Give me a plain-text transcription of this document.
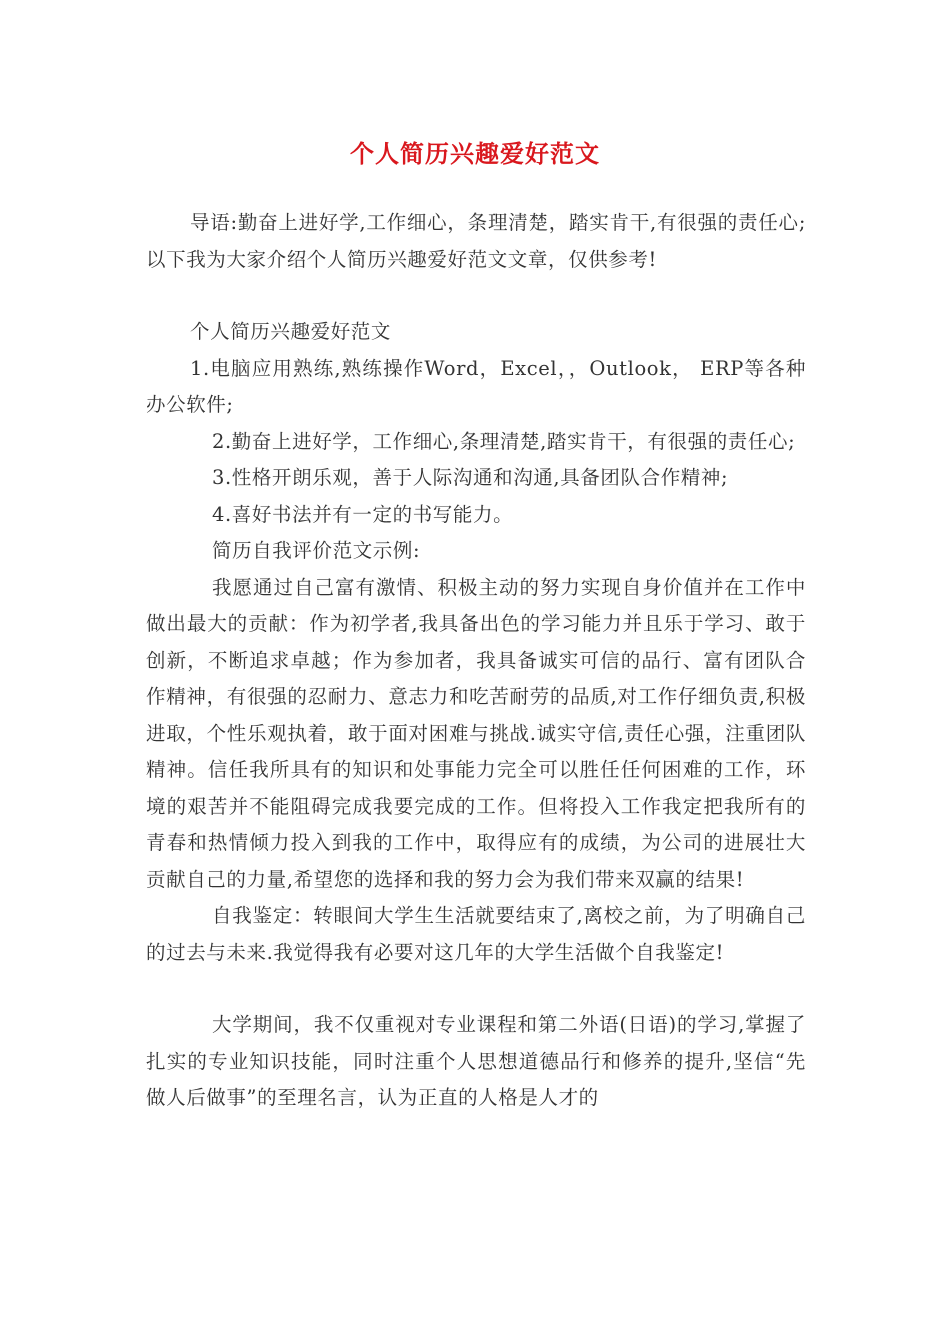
个人简历兴趣爱好范文

导语:勤奋上进好学,工作细心，条理清楚，踏实肯干,有很强的责任心;以下我为大家介绍个人简历兴趣爱好范文文章，仅供参考!

个人简历兴趣爱好范文

1.电脑应用熟练,熟练操作Word，Excel，，Outlook， ERP等各种办公软件;

2.勤奋上进好学，工作细心,条理清楚,踏实肯干，有很强的责任心;

3.性格开朗乐观，善于人际沟通和沟通,具备团队合作精神;

4.喜好书法并有一定的书写能力。

简历自我评价范文示例:

我愿通过自己富有激情、积极主动的努力实现自身价值并在工作中做出最大的贡献：作为初学者,我具备出色的学习能力并且乐于学习、敢于创新，不断追求卓越；作为参加者，我具备诚实可信的品行、富有团队合作精神，有很强的忍耐力、意志力和吃苦耐劳的品质,对工作仔细负责,积极进取，个性乐观执着，敢于面对困难与挑战.诚实守信,责任心强，注重团队精神。信任我所具有的知识和处事能力完全可以胜任任何困难的工作，环境的艰苦并不能阻碍完成我要完成的工作。但将投入工作我定把我所有的青春和热情倾力投入到我的工作中，取得应有的成绩，为公司的进展壮大贡献自己的力量,希望您的选择和我的努力会为我们带来双赢的结果!

自我鉴定：转眼间大学生生活就要结束了,离校之前，为了明确自己的过去与未来.我觉得我有必要对这几年的大学生活做个自我鉴定!

大学期间，我不仅重视对专业课程和第二外语(日语)的学习,掌握了扎实的专业知识技能，同时注重个人思想道德品行和修养的提升,坚信“先做人后做事”的至理名言，认为正直的人格是人才的
